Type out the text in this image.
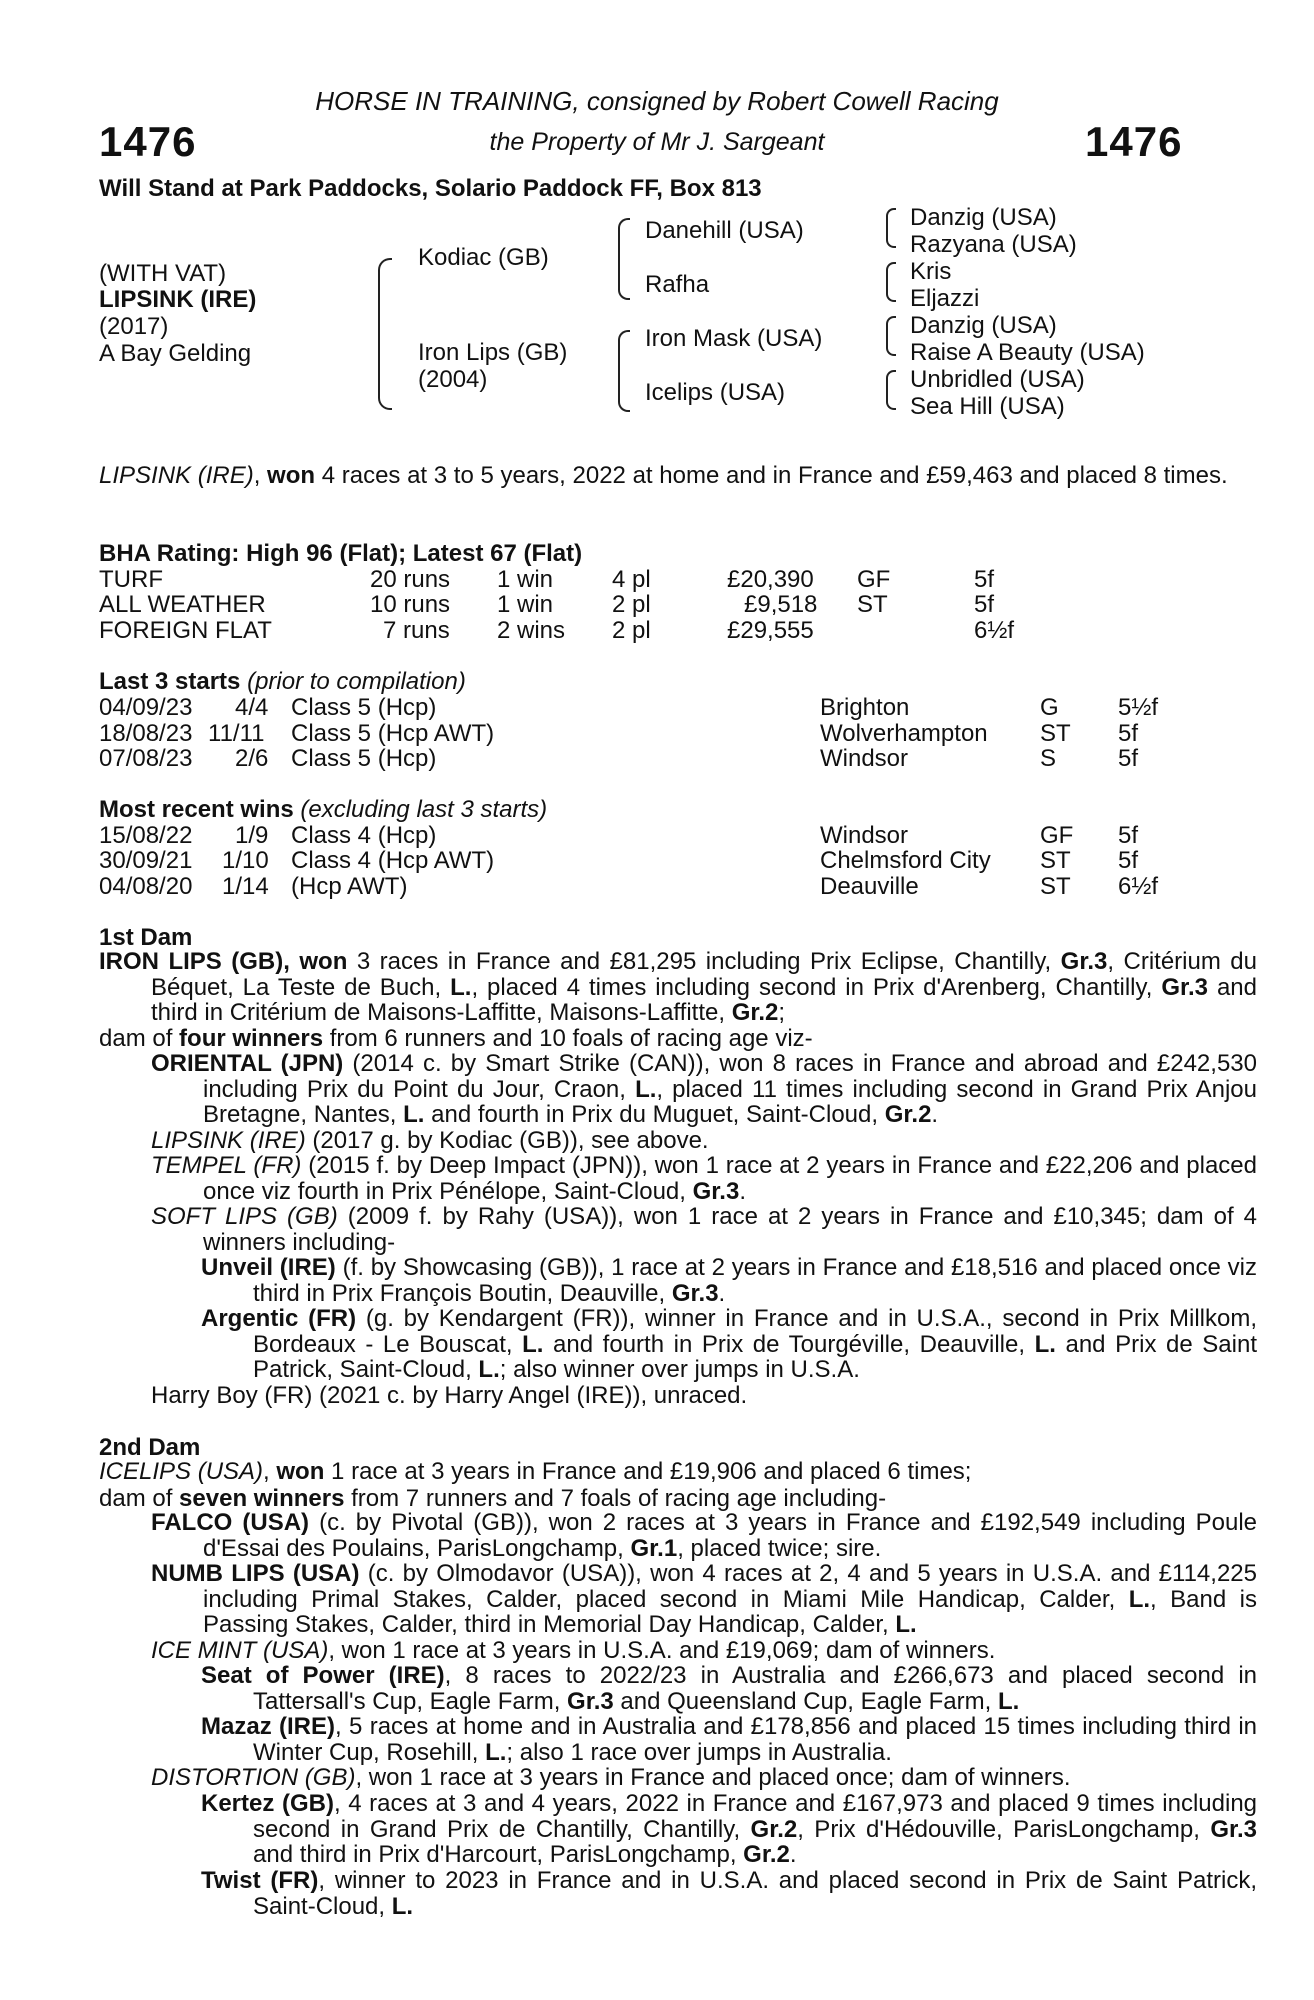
1476	1476
HORSE IN TRAINING, consigned by Robert Cowell Racing
the Property of Mr J. Sargeant
Will Stand at Park Paddocks, Solario Paddock FF, Box 813
(WITH VAT)
LIPSINK (IRE)
(2017)
A Bay Gelding
Kodiac (GB)
Iron Lips (GB)
(2004)
Danehill (USA)
Rafha
Iron Mask (USA)
Icelips (USA)
Danzig (USA)
Razyana (USA)
Kris
Eljazzi
Danzig (USA)
Raise A Beauty (USA)
Unbridled (USA)
Sea Hill (USA)
LIPSINK (IRE), won 4 races at 3 to 5 years, 2022 at home and in France and £59,463 and placed 8 times.
BHA Rating: High 96 (Flat); Latest 67 (Flat)
TURF	20 runs 1 win 4 pl	£20,390 GF	5f
ALL WEATHER	10 runs 1 win 2 pl	£9,518 ST	5f
FOREIGN FLAT	7 runs 2 wins 2 pl	£29,555	6½f
Last 3 starts (prior to compilation)
04/09/23 4/4 Class 5 (Hcp)	Brighton	G 5½f
18/08/23 11/11 Class 5 (Hcp AWT)	Wolverhampton ST 5f
07/08/23 2/6 Class 5 (Hcp)	Windsor	S	5f
Most recent wins (excluding last 3 starts)
15/08/22 1/9 Class 4 (Hcp)	Windsor	GF 5f
30/09/21 1/10 Class 4 (Hcp AWT)	Chelmsford City ST 5f
04/08/20 1/14 (Hcp AWT)	Deauville	ST 6½f
1st Dam
IRON LIPS (GB), won 3 races in France and £81,295 including Prix Eclipse, Chantilly, Gr.3, Critérium du Béquet, La Teste de Buch, L., placed 4 times including second in Prix d'Arenberg, Chantilly, Gr.3 and third in Critérium de Maisons-Laffitte, Maisons-Laffitte, Gr.2;
dam of four winners from 6 runners and 10 foals of racing age viz-
ORIENTAL (JPN) (2014 c. by Smart Strike (CAN)), won 8 races in France and abroad and £242,530 including Prix du Point du Jour, Craon, L., placed 11 times including second in Grand Prix Anjou Bretagne, Nantes, L. and fourth in Prix du Muguet, Saint-Cloud, Gr.2.
LIPSINK (IRE) (2017 g. by Kodiac (GB)), see above.
TEMPEL (FR) (2015 f. by Deep Impact (JPN)), won 1 race at 2 years in France and £22,206 and placed once viz fourth in Prix Pénélope, Saint-Cloud, Gr.3.
SOFT LIPS (GB) (2009 f. by Rahy (USA)), won 1 race at 2 years in France and £10,345; dam of 4 winners including-
Unveil (IRE) (f. by Showcasing (GB)), 1 race at 2 years in France and £18,516 and placed once viz third in Prix François Boutin, Deauville, Gr.3.
Argentic (FR) (g. by Kendargent (FR)), winner in France and in U.S.A., second in Prix Millkom, Bordeaux - Le Bouscat, L. and fourth in Prix de Tourgéville, Deauville, L. and Prix de Saint Patrick, Saint-Cloud, L.; also winner over jumps in U.S.A.
Harry Boy (FR) (2021 c. by Harry Angel (IRE)), unraced.
2nd Dam
ICELIPS (USA), won 1 race at 3 years in France and £19,906 and placed 6 times;
dam of seven winners from 7 runners and 7 foals of racing age including-
FALCO (USA) (c. by Pivotal (GB)), won 2 races at 3 years in France and £192,549 including Poule d'Essai des Poulains, ParisLongchamp, Gr.1, placed twice; sire.
NUMB LIPS (USA) (c. by Olmodavor (USA)), won 4 races at 2, 4 and 5 years in U.S.A. and £114,225 including Primal Stakes, Calder, placed second in Miami Mile Handicap, Calder, L., Band is Passing Stakes, Calder, third in Memorial Day Handicap, Calder, L.
ICE MINT (USA), won 1 race at 3 years in U.S.A. and £19,069; dam of winners.
Seat of Power (IRE), 8 races to 2022/23 in Australia and £266,673 and placed second in Tattersall's Cup, Eagle Farm, Gr.3 and Queensland Cup, Eagle Farm, L.
Mazaz (IRE), 5 races at home and in Australia and £178,856 and placed 15 times including third in Winter Cup, Rosehill, L.; also 1 race over jumps in Australia.
DISTORTION (GB), won 1 race at 3 years in France and placed once; dam of winners.
Kertez (GB), 4 races at 3 and 4 years, 2022 in France and £167,973 and placed 9 times including second in Grand Prix de Chantilly, Chantilly, Gr.2, Prix d'Hédouville, ParisLongchamp, Gr.3 and third in Prix d'Harcourt, ParisLongchamp, Gr.2.
Twist (FR), winner to 2023 in France and in U.S.A. and placed second in Prix de Saint Patrick, Saint-Cloud, L.
